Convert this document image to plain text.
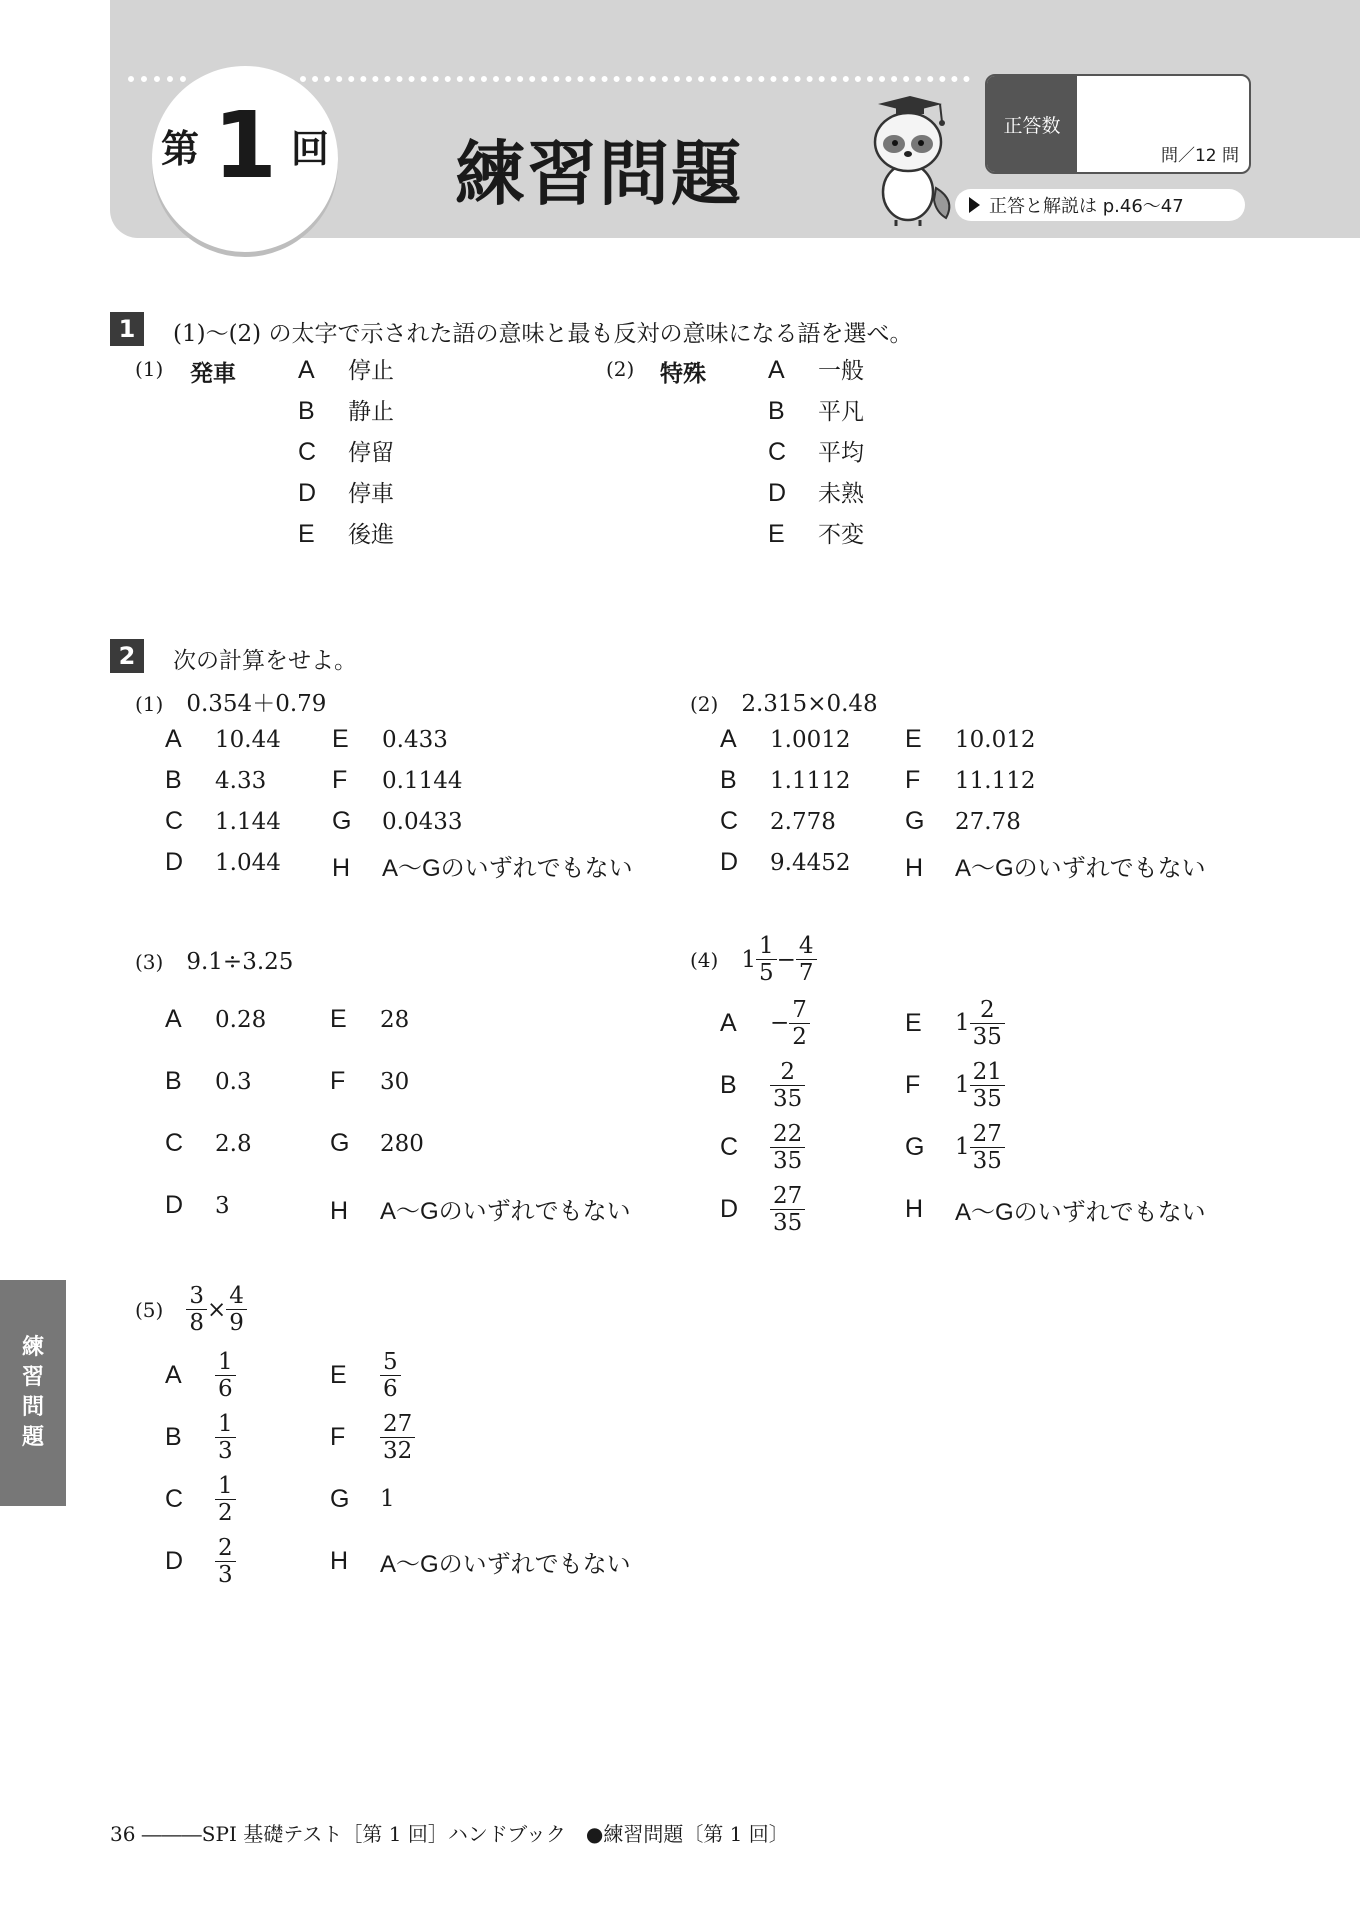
第 1 回 練習問題
正答数
問／12 問
正答と解説は p.46～47
練
習
問
題
1	(1)～(2) の太字で示された語の意味と最も反対の意味になる語を選べ。
(1) 発車 A 停止
B 静止
C 停留
D 停車
E 後進
(2) 特殊 A 一般
B 平凡
C 平均
D 未熟
E 不変
2	次の計算をせよ。
(1)　 0.354＋0.79
A 10.44
B 4.33
C 1.144
D 1.044
E 0.433
F 0.1144
G 0.0433
H A～Gのいずれでもない
(2)　 2.315×0.48
A 1.0012
B 1.1112
C 2.778
D 9.4452
E 10.012
F 11.112
G 27.78
H A～Gのいずれでもない
(3)　 9.1÷3.25
A 0.28
B 0.3
C 2.8
D 3
E 28
F 30
G 280
H A～Gのいずれでもない
(4)
　 $1 \frac{1}{5} - \frac{4}{7}$
A	− $\frac{7}{2}$

B	$\frac{2}{35}$

C	$\frac{22}{35}$

D	$\frac{27}{35}$
E	$1 \frac{2}{35}$

F	$1 \frac{21}{35}$

G	$1 \frac{27}{35}$

H	A～Gのいずれでもない
(5)
　 $\frac{3}{8} \times \frac{4}{9}$
A	$\frac{1}{6}$

B	$\frac{1}{3}$

C	$\frac{1}{2}$

D	$\frac{2}{3}$
E	$\frac{5}{6}$

F	$\frac{27}{32}$

G	1

H	A～Gのいずれでもない
36 ―――SPI 基礎テスト［第 1 回］ハンドブック　●練習問題〔第 1 回〕
